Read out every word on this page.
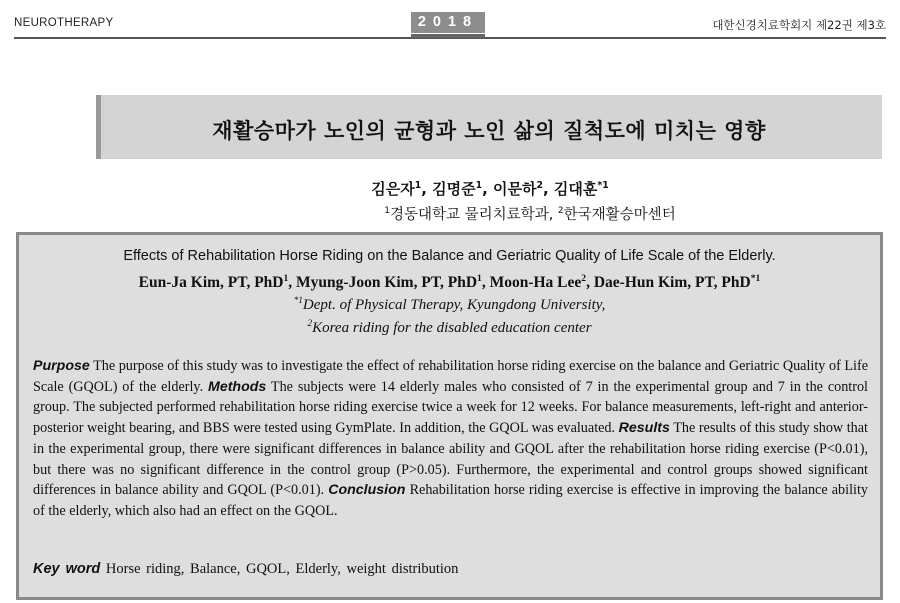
NEUROTHERAPY	2018	대한신경치료학회지 제22권 제3호
재활승마가 노인의 균형과 노인 삶의 질척도에 미치는 영향
김은자$^1$, 김명준$^1$, 이문하$^2$, 김대훈$^{*1}$
$^1$경동대학교 물리치료학과, $^2$한국재활승마센터
Effects of Rehabilitation Horse Riding on the Balance and Geriatric Quality of Life Scale of the Elderly.
Eun-Ja Kim, PT, PhD$^1$, Myung-Joon Kim, PT, PhD$^1$, Moon-Ha Lee$^2$, Dae-Hun Kim, PT, PhD$^{*1}$
$^{*1}$Dept. of Physical Therapy, Kyungdong University,
$^2$Korea riding for the disabled education center
Purpose The purpose of this study was to investigate the effect of rehabilitation horse riding exercise on the balance and Geriatric Quality of Life Scale (GQOL) of the elderly. Methods The subjects were 14 elderly males who consisted of 7 in the experimental group and 7 in the control group. The subjected performed rehabilitation horse riding exercise twice a week for 12 weeks. For balance measurements, left-right and anterior-posterior weight bearing, and BBS were tested using GymPlate. In addition, the GQOL was evaluated. Results The results of this study show that in the experimental group, there were significant differences in balance ability and GQOL after the rehabilitation horse riding exercise (P<0.01), but there was no significant difference in the control group (P>0.05). Furthermore, the experimental and control groups showed significant differences in balance ability and GQOL (P<0.01). Conclusion Rehabilitation horse riding exercise is effective in improving the balance ability of the elderly, which also had an effect on the GQOL.
Key word Horse riding, Balance, GQOL, Elderly, weight distribution
